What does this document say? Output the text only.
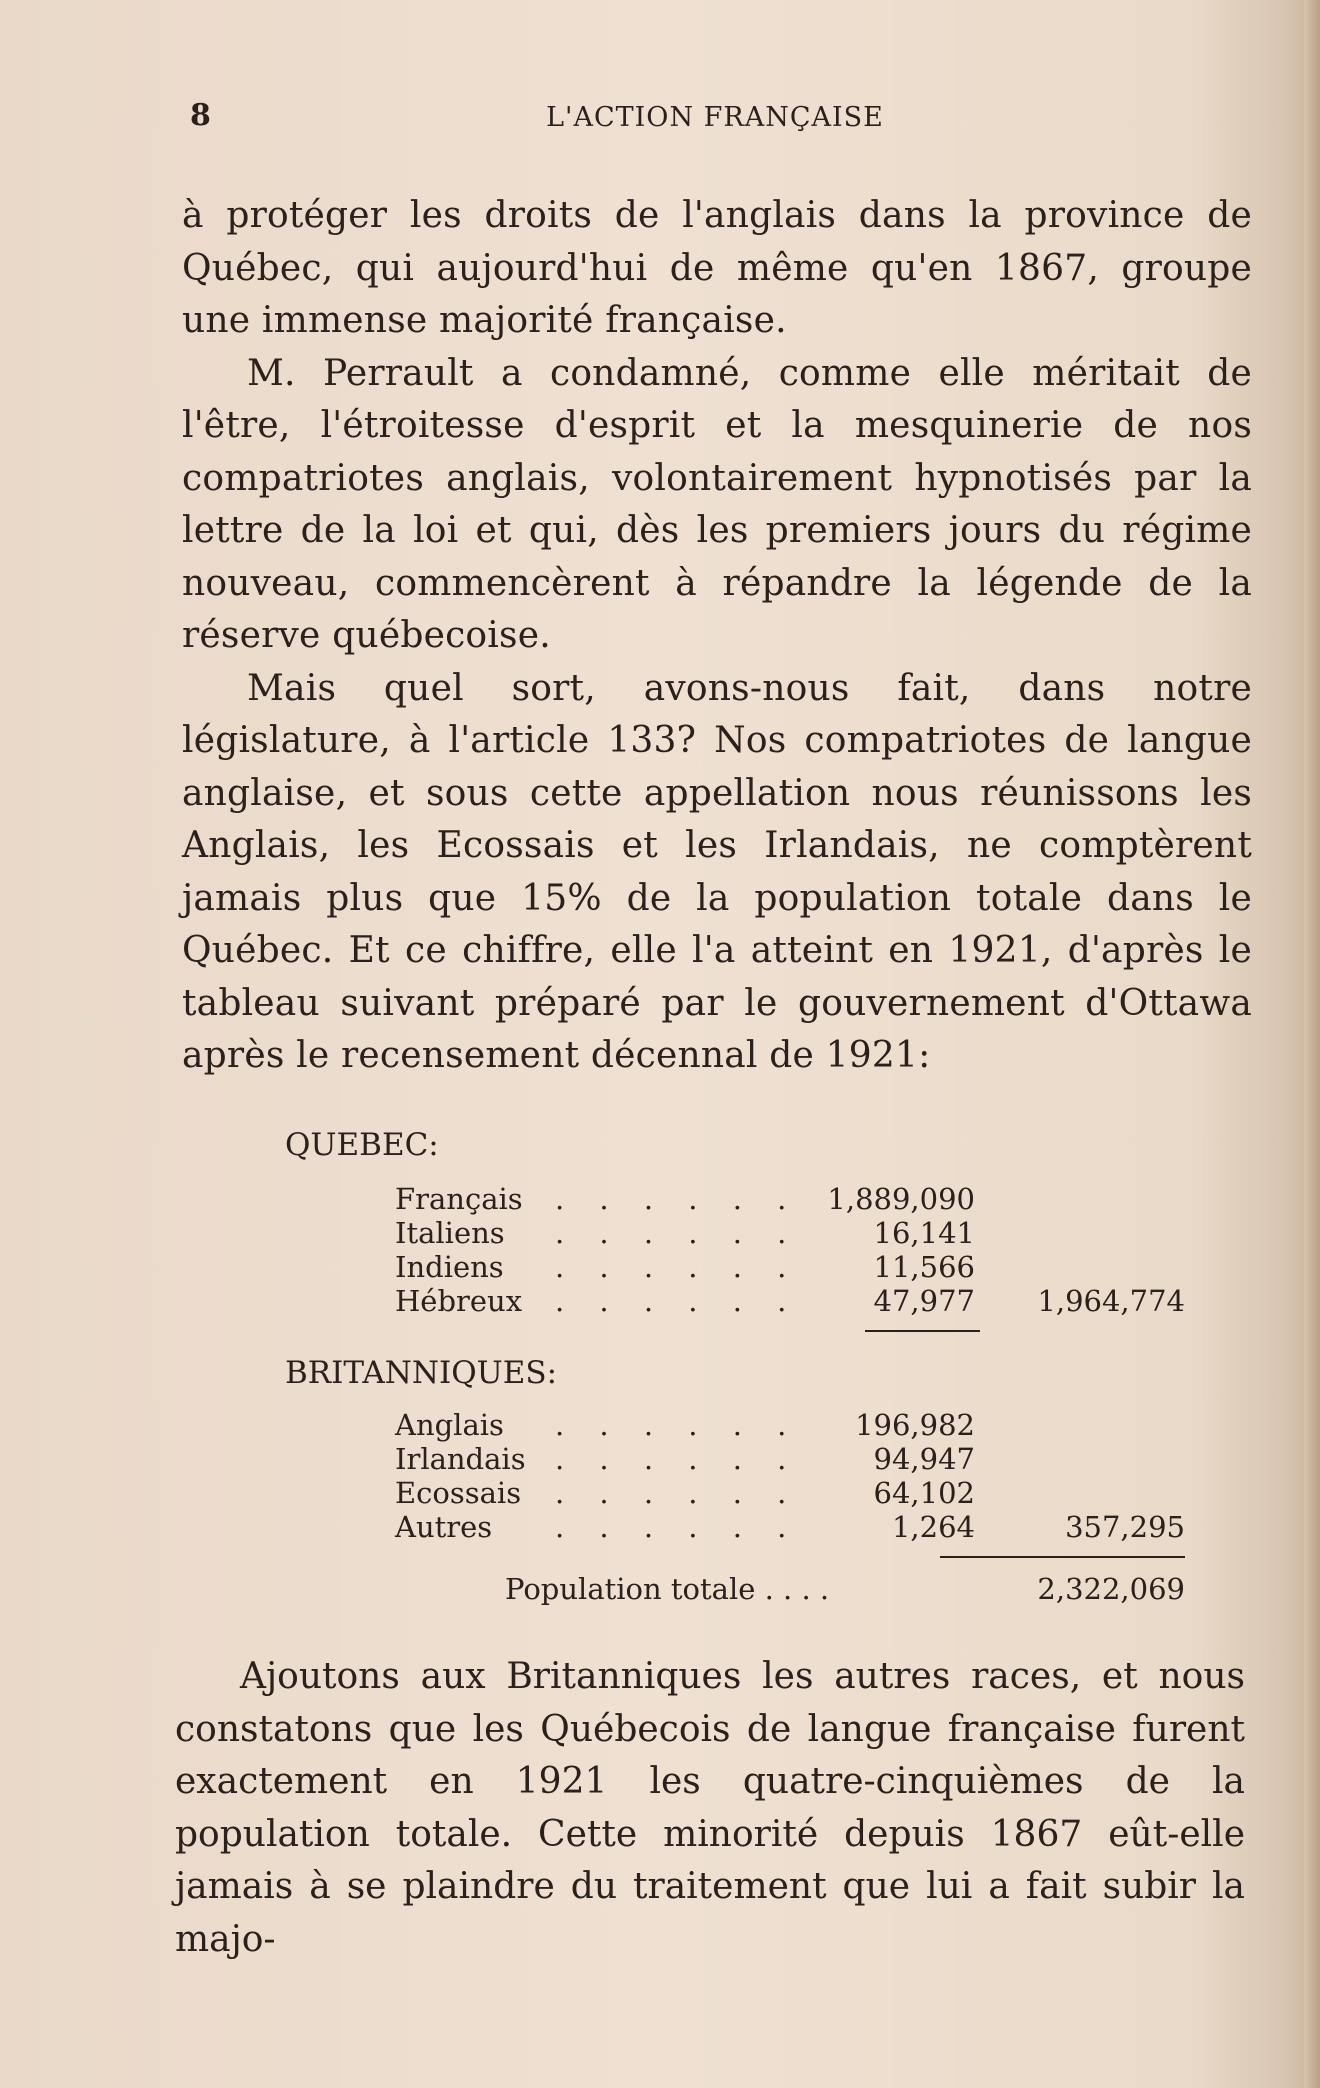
8	L'ACTION FRANÇAISE

à protéger les droits de l'anglais dans la province de Québec, qui aujourd'hui de même qu'en 1867, groupe une immense majorité française.

M. Perrault a condamné, comme elle méritait de l'être, l'étroitesse d'esprit et la mesquinerie de nos compatriotes anglais, volontairement hypnotisés par la lettre de la loi et qui, dès les premiers jours du régime nouveau, commencèrent à répandre la légende de la réserve québecoise.

Mais quel sort, avons-nous fait, dans notre législature, à l'article 133? Nos compatriotes de langue anglaise, et sous cette appellation nous réunissons les Anglais, les Ecossais et les Irlandais, ne comptèrent jamais plus que 15% de la population totale dans le Québec. Et ce chiffre, elle l'a atteint en 1921, d'après le tableau suivant préparé par le gouvernement d'Ottawa après le recensement décennal de 1921:

QUEBEC:
Français . . . . . . 1,889,090
Italiens . . . . . .	16,141
Indiens . . . . . .	11,566
Hébreux . . . . . .	47,977 1,964,774
BRITANNIQUES:
Anglais . . . . . . 196,982
Irlandais . . . . . .	94,947
Ecossais . . . . . .	64,102
Autres . . . . . .	1,264	357,295
Population totale . . . .	2,322,069

Ajoutons aux Britanniques les autres races, et nous constatons que les Québecois de langue française furent exactement en 1921 les quatre-cinquièmes de la population totale. Cette minorité depuis 1867 eût-elle jamais à se plaindre du traitement que lui a fait subir la majo-
